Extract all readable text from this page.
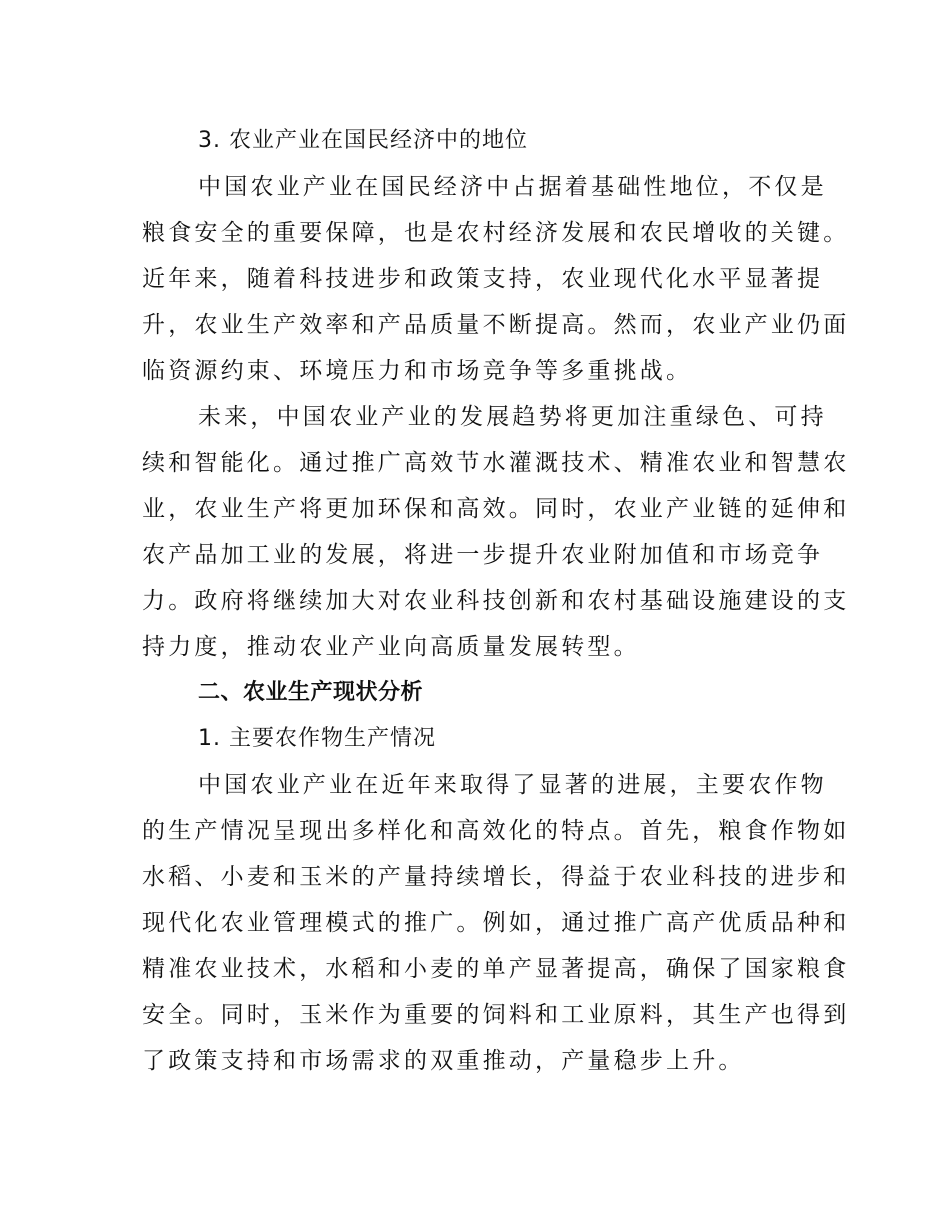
3. 农业产业在国民经济中的地位

中国农业产业在国民经济中占据着基础性地位，不仅是
粮食安全的重要保障，也是农村经济发展和农民增收的关键。
近年来，随着科技进步和政策支持，农业现代化水平显著提
升，农业生产效率和产品质量不断提高。然而，农业产业仍面
临资源约束、环境压力和市场竞争等多重挑战。
未来，中国农业产业的发展趋势将更加注重绿色、可持
续和智能化。通过推广高效节水灌溉技术、精准农业和智慧农
业，农业生产将更加环保和高效。同时，农业产业链的延伸和
农产品加工业的发展，将进一步提升农业附加值和市场竞争
力。政府将继续加大对农业科技创新和农村基础设施建设的支
持力度，推动农业产业向高质量发展转型。

二、农业生产现状分析

1. 主要农作物生产情况

中国农业产业在近年来取得了显著的进展，主要农作物
的生产情况呈现出多样化和高效化的特点。首先，粮食作物如
水稻、小麦和玉米的产量持续增长，得益于农业科技的进步和
现代化农业管理模式的推广。例如，通过推广高产优质品种和
精准农业技术，水稻和小麦的单产显著提高，确保了国家粮食
安全。同时，玉米作为重要的饲料和工业原料，其生产也得到
了政策支持和市场需求的双重推动，产量稳步上升。
